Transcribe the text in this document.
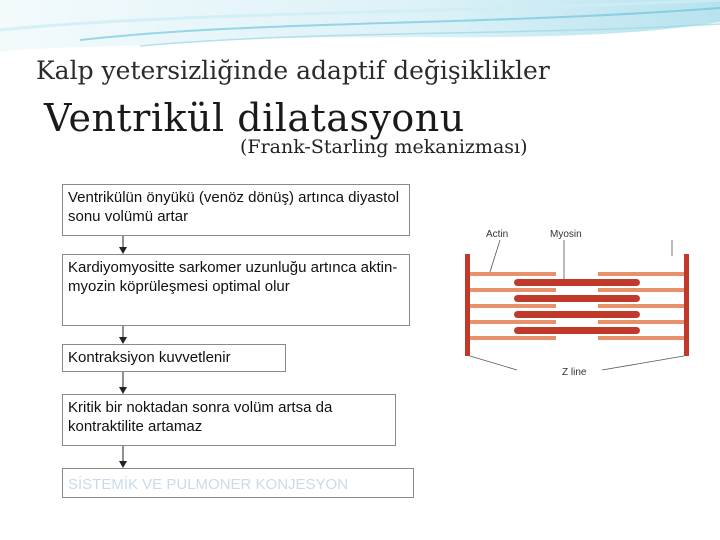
Kalp yetersizliğinde adaptif değişiklikler
Ventrikül dilatasyonu
(Frank-Starling mekanizması)
Ventrikülün önyükü (venöz dönüş) artınca diyastol sonu volümü artar
Kardiyomyositte sarkomer uzunluğu artınca aktin-myozin köprüleşmesi optimal olur
Kontraksiyon kuvvetlenir
Kritik bir noktadan sonra volüm artsa da kontraktilite artamaz
SİSTEMİK VE PULMONER KONJESYON
Actin	Myosin
Z line
